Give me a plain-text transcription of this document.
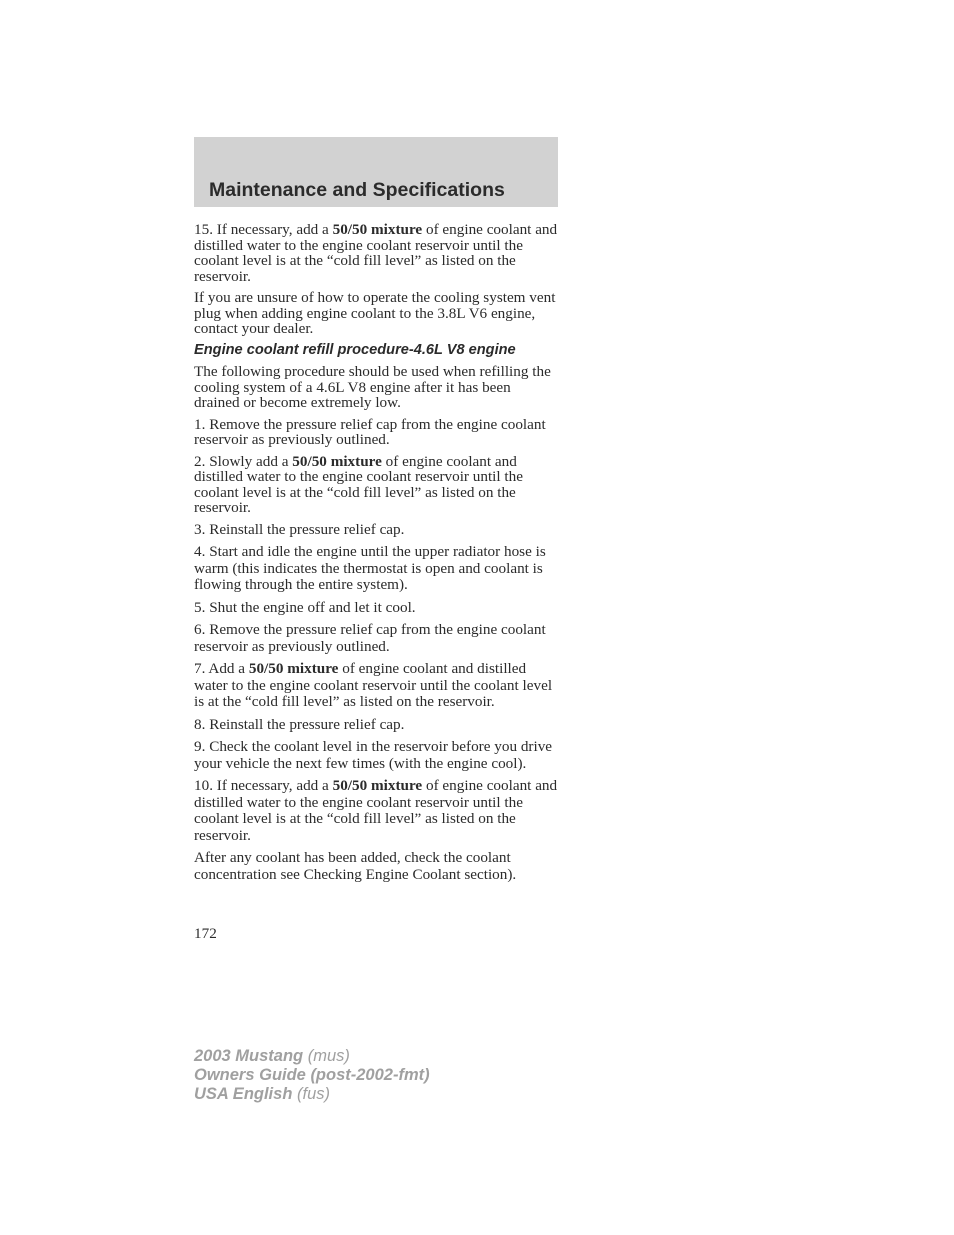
Maintenance and Specifications

15. If necessary, add a 50/50 mixture of engine coolant and distilled water to the engine coolant reservoir until the coolant level is at the “cold fill level” as listed on the reservoir.

If you are unsure of how to operate the cooling system vent plug when adding engine coolant to the 3.8L V6 engine, contact your dealer.

Engine coolant refill procedure-4.6L V8 engine

The following procedure should be used when refilling the cooling system of a 4.6L V8 engine after it has been drained or become extremely low.

1. Remove the pressure relief cap from the engine coolant reservoir as previously outlined.

2. Slowly add a 50/50 mixture of engine coolant and distilled water to the engine coolant reservoir until the coolant level is at the “cold fill level” as listed on the reservoir.

3. Reinstall the pressure relief cap.

4. Start and idle the engine until the upper radiator hose is warm (this indicates the thermostat is open and coolant is flowing through the entire system).

5. Shut the engine off and let it cool.

6. Remove the pressure relief cap from the engine coolant reservoir as previously outlined.

7. Add a 50/50 mixture of engine coolant and distilled water to the engine coolant reservoir until the coolant level is at the “cold fill level” as listed on the reservoir.

8. Reinstall the pressure relief cap.

9. Check the coolant level in the reservoir before you drive your vehicle the next few times (with the engine cool).

10. If necessary, add a 50/50 mixture of engine coolant and distilled water to the engine coolant reservoir until the coolant level is at the “cold fill level” as listed on the reservoir.

After any coolant has been added, check the coolant concentration see Checking Engine Coolant section).

172
2003 Mustang (mus)
Owners Guide (post-2002-fmt)
USA English (fus)
